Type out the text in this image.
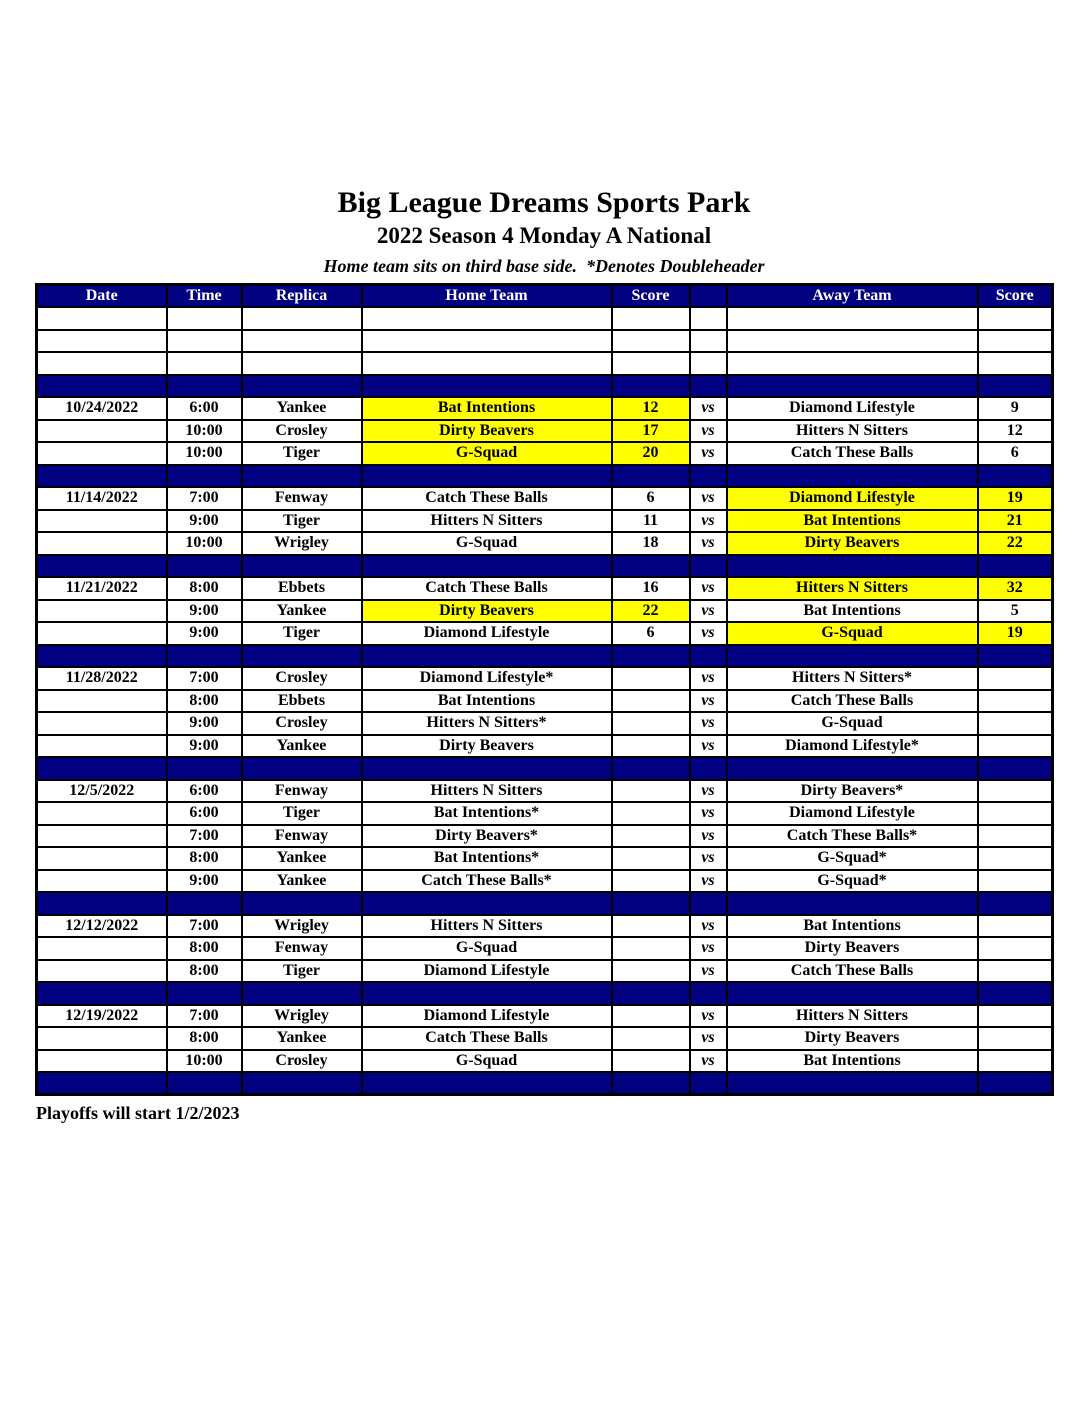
Big League Dreams Sports Park
2022 Season 4 Monday A National
Home team sits on third base side.  *Denotes Doubleheader
Date	Time	Replica	Home Team	Score		Away Team	Score

10/24/2022	6:00	Yankee	Bat Intentions	12	vs	Diamond Lifestyle	9
	10:00	Crosley	Dirty Beavers	17	vs	Hitters N Sitters	12
	10:00	Tiger	G-Squad	20	vs	Catch These Balls	6

11/14/2022	7:00	Fenway	Catch These Balls	6	vs	Diamond Lifestyle	19
	9:00	Tiger	Hitters N Sitters	11	vs	Bat Intentions	21
	10:00	Wrigley	G-Squad	18	vs	Dirty Beavers	22

11/21/2022	8:00	Ebbets	Catch These Balls	16	vs	Hitters N Sitters	32
	9:00	Yankee	Dirty Beavers	22	vs	Bat Intentions	5
	9:00	Tiger	Diamond Lifestyle	6	vs	G-Squad	19

11/28/2022	7:00	Crosley	Diamond Lifestyle*		vs	Hitters N Sitters*	
	8:00	Ebbets	Bat Intentions		vs	Catch These Balls	
	9:00	Crosley	Hitters N Sitters*		vs	G-Squad	
	9:00	Yankee	Dirty Beavers		vs	Diamond Lifestyle*	

12/5/2022	6:00	Fenway	Hitters N Sitters		vs	Dirty Beavers*	
	6:00	Tiger	Bat Intentions*		vs	Diamond Lifestyle	
	7:00	Fenway	Dirty Beavers*		vs	Catch These Balls*	
	8:00	Yankee	Bat Intentions*		vs	G-Squad*	
	9:00	Yankee	Catch These Balls*		vs	G-Squad*	

12/12/2022	7:00	Wrigley	Hitters N Sitters		vs	Bat Intentions	
	8:00	Fenway	G-Squad		vs	Dirty Beavers	
	8:00	Tiger	Diamond Lifestyle		vs	Catch These Balls	

12/19/2022	7:00	Wrigley	Diamond Lifestyle		vs	Hitters N Sitters	
	8:00	Yankee	Catch These Balls		vs	Dirty Beavers	
	10:00	Crosley	G-Squad		vs	Bat Intentions	

Playoffs will start 1/2/2023
